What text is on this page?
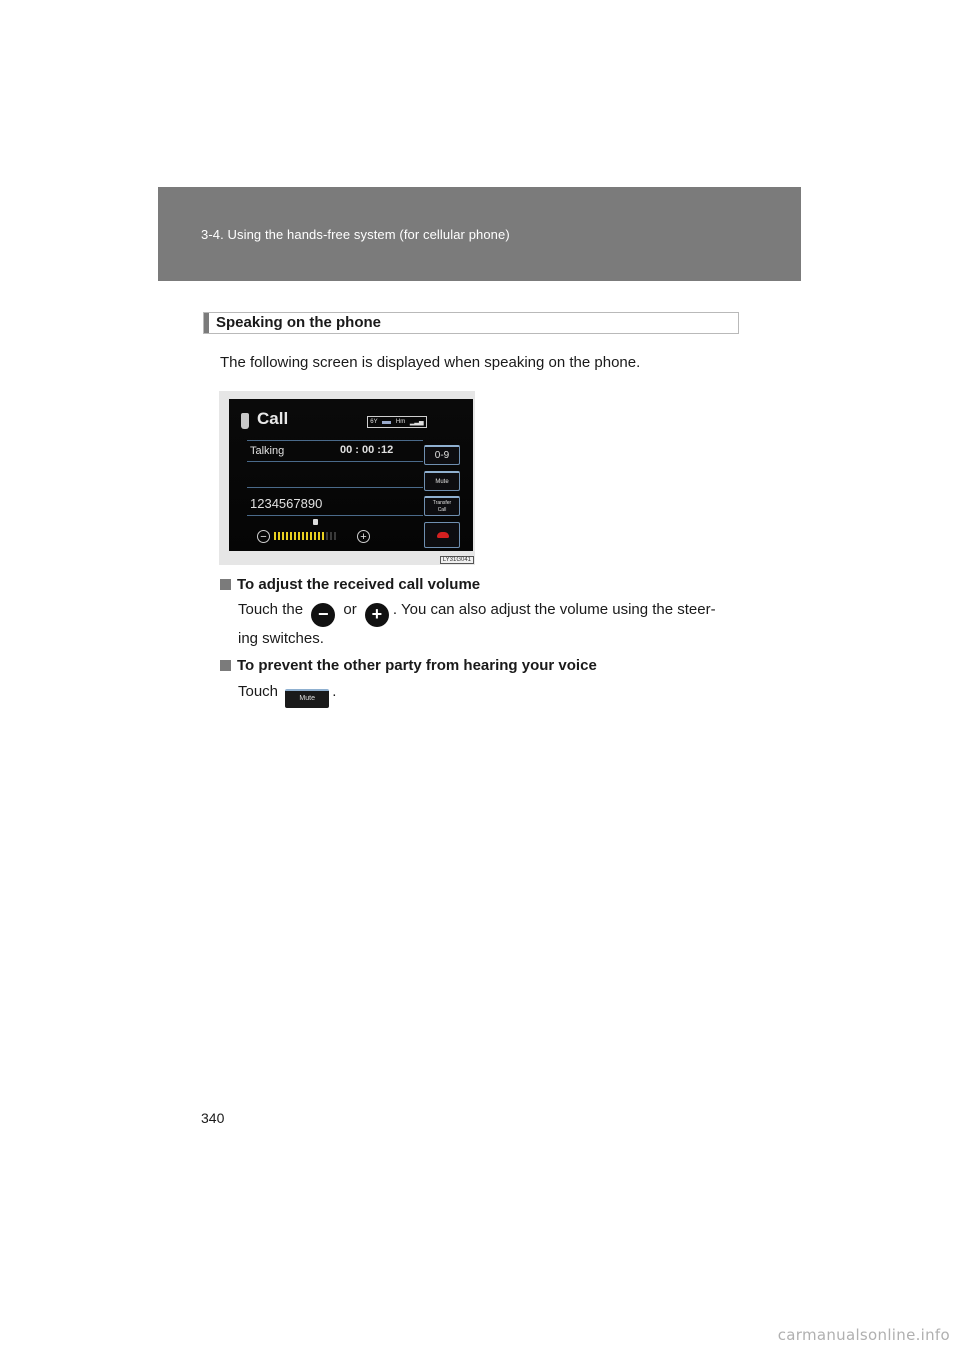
3-4. Using the hands-free system (for cellular phone)
Speaking on the phone
The following screen is displayed when speaking on the phone.
Call	6Y	Hm ▂▃▅
Talking	00 : 00 :12
1234567890
0-9
Mute
Transfer
Call
−	+
LY31G041
To adjust the received call volume
Touch the − or + . You can also adjust the volume using the steer-
ing switches.
To prevent the other party from hearing your voice
Touch	Mute .
340
carmanualsonline.info
